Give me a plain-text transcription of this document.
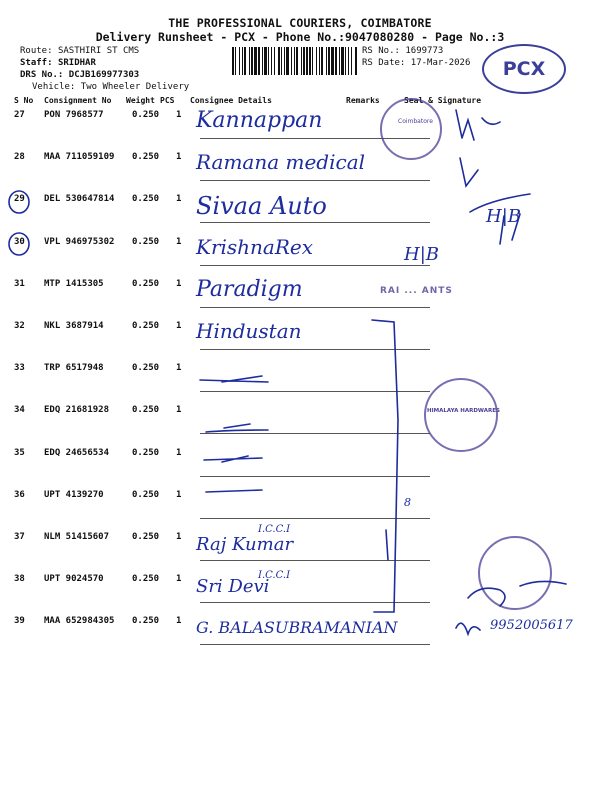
THE PROFESSIONAL COURIERS, COIMBATORE
Delivery Runsheet - PCX - Phone No.:9047080280 - Page No.:3
Route: SASTHIRI ST CMS
Staff: SRIDHAR
DRS No.: DCJB169977303
Vehicle: Two Wheeler Delivery
RS No.: 1699773
RS Date: 17-Mar-2026	PCX
S No Consignment No Weight PCS Consignee Details	Remarks	Seal & Signature
27 PON 7968577	0.250 1 Kannappan
28 MAA 711059109 0.250 1 Ramana medical
29 DEL 530647814 0.250 1 Sivaa Auto
30 VPL 946975302 0.250 1 KrishnaRex
31 MTP 1415305	0.250 1 Paradigm
32 NKL 3687914	0.250 1 Hindustan
33 TRP 6517948	0.250 1
34 EDQ 21681928	0.250 1
35 EDQ 24656534	0.250 1
36 UPT 4139270	0.250 1
37 NLM 51415607	0.250 1 Raj Kumar
38 UPT 9024570	0.250 1 Sri Devi
39 MAA 652984305 0.250 1 G. BALASUBRAMANIAN
Coimbatore
HIMALAYA HARDWARES
RAI ... ANTS
H|B
H|B
8
I.C.C.I
I.C.C.I
9952005617
